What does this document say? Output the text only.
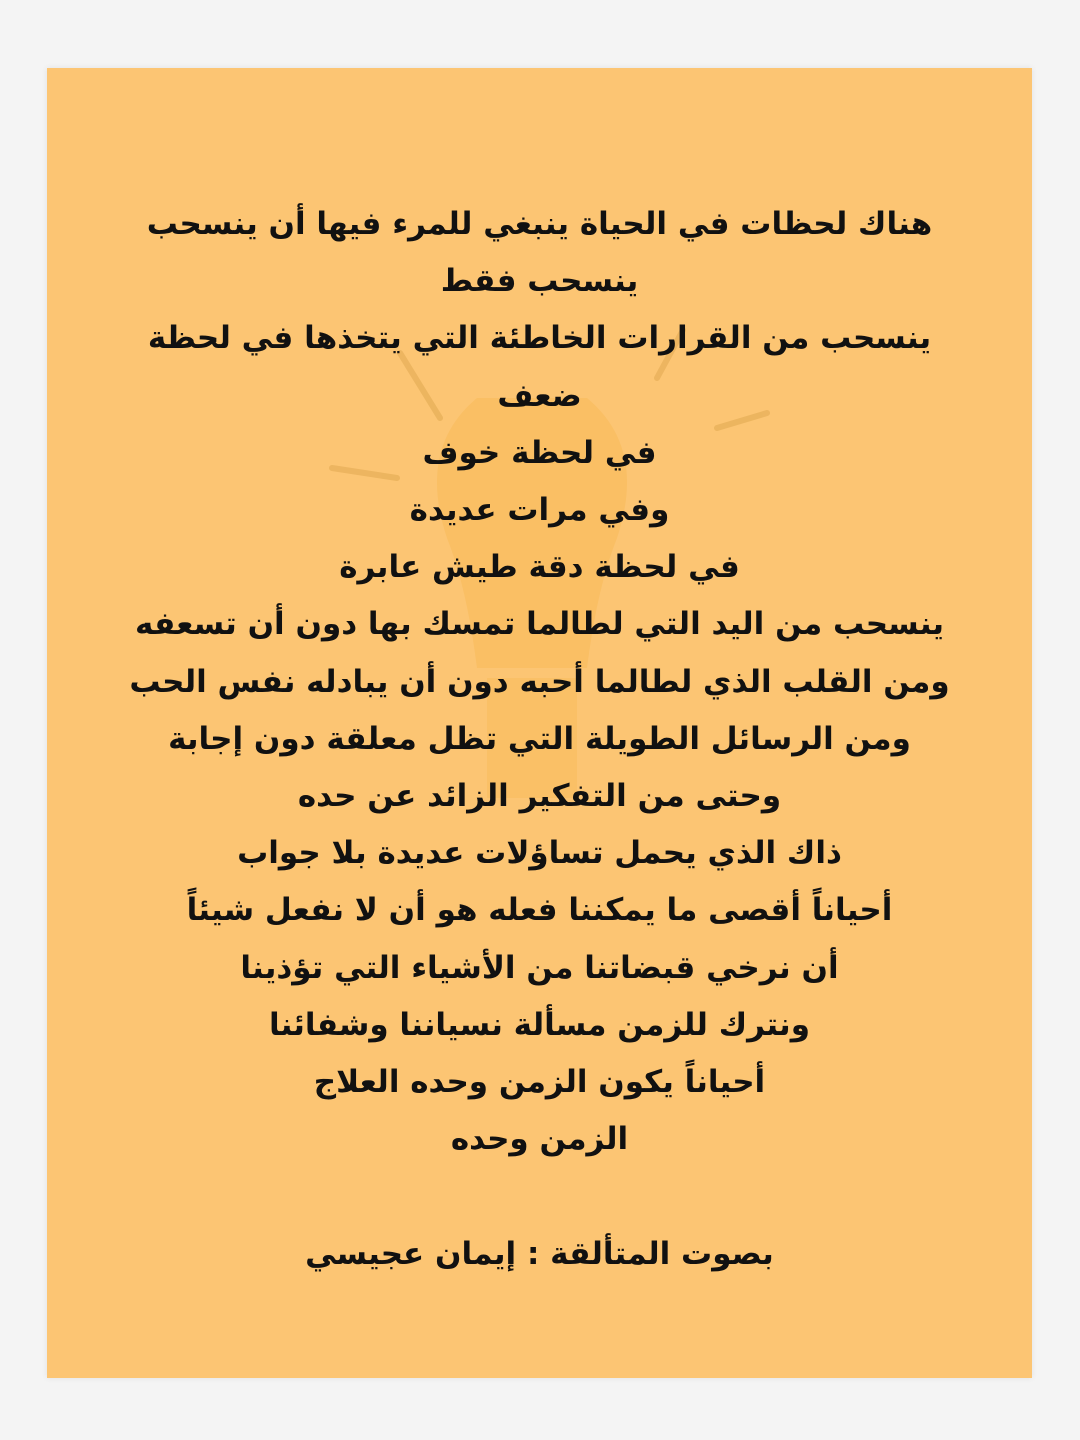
هناك لحظات في الحياة ينبغي للمرء فيها أن ينسحب
ينسحب فقط
ينسحب من القرارات الخاطئة التي يتخذها في لحظة
ضعف
في لحظة خوف
وفي مرات عديدة
في لحظة دقة طيش عابرة
ينسحب من اليد التي لطالما تمسك بها دون أن تسعفه
ومن القلب الذي لطالما أحبه دون أن يبادله نفس الحب
ومن الرسائل الطويلة التي تظل معلقة دون إجابة
وحتى من التفكير الزائد عن حده
ذاك الذي يحمل تساؤلات عديدة بلا جواب
أحياناً أقصى ما يمكننا فعله هو أن لا نفعل شيئاً
أن نرخي قبضاتنا من الأشياء التي تؤذينا
ونترك للزمن مسألة نسياننا وشفائنا
أحياناً يكون الزمن وحده العلاج
الزمن وحده
بصوت المتألقة : إيمان عجيسي
